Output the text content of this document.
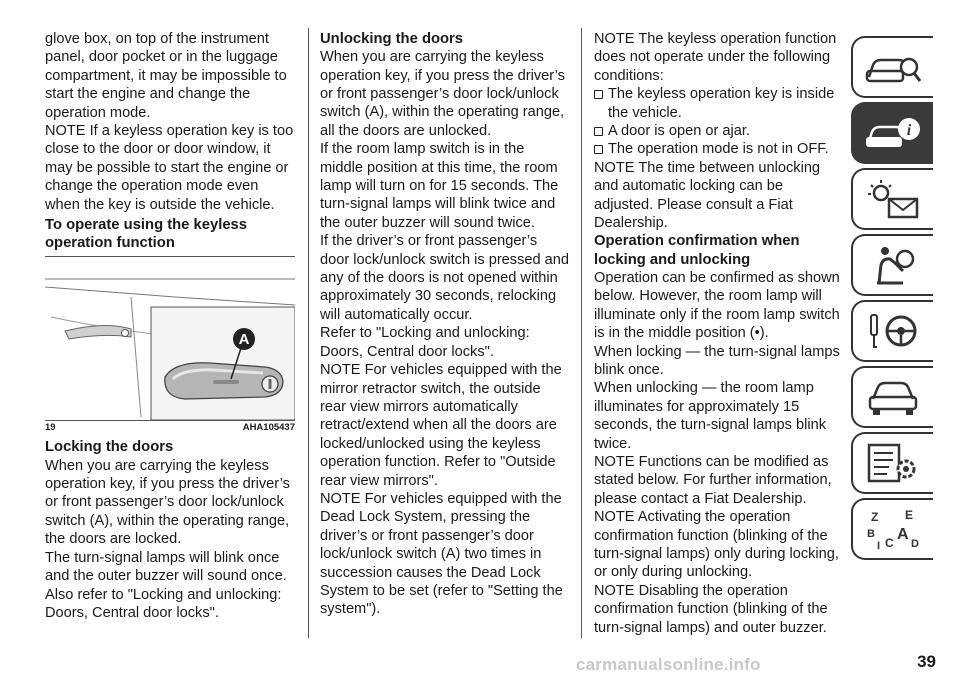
glove box, on top of the instrument panel, door pocket or in the luggage compartment, it may be impossible to start the engine and change the operation mode.

NOTE If a keyless operation key is too close to the door or door window, it may be possible to start the engine or change the operation mode even when the key is outside the vehicle.

To operate using the keyless operation function
A
19	AHA105437
Locking the doors

When you are carrying the keyless operation key, if you press the driver’s or front passenger’s door lock/unlock switch (A), within the operating range, the doors are locked.

The turn-signal lamps will blink once and the outer buzzer will sound once.

Also refer to "Locking and unlocking: Doors, Central door locks".

Unlocking the doors

When you are carrying the keyless operation key, if you press the driver’s or front passenger’s door lock/unlock switch (A), within the operating range, all the doors are unlocked.

If the room lamp switch is in the middle position at this time, the room lamp will turn on for 15 seconds. The turn-signal lamps will blink twice and the outer buzzer will sound twice.

If the driver’s or front passenger’s door lock/unlock switch is pressed and any of the doors is not opened within approximately 30 seconds, relocking will automatically occur.

Refer to "Locking and unlocking: Doors, Central door locks".

NOTE For vehicles equipped with the mirror retractor switch, the outside rear view mirrors automatically retract/extend when all the doors are locked/unlocked using the keyless operation function. Refer to "Outside rear view mirrors".

NOTE For vehicles equipped with the Dead Lock System, pressing the driver’s or front passenger’s door lock/unlock switch (A) two times in succession causes the Dead Lock System to be set (refer to "Setting the system").

NOTE The keyless operation function does not operate under the following conditions:

The keyless operation key is inside the vehicle.
A door is open or ajar.
The operation mode is not in OFF.

NOTE The time between unlocking and automatic locking can be adjusted. Please consult a Fiat Dealership.

Operation confirmation when locking and unlocking

Operation can be confirmed as shown below. However, the room lamp will illuminate only if the room lamp switch is in the middle position (•).

When locking — the turn-signal lamps blink once.

When unlocking — the room lamp illuminates for approximately 15 seconds, the turn-signal lamps blink twice.

NOTE Functions can be modified as stated below. For further information, please contact a Fiat Dealership.

NOTE Activating the operation confirmation function (blinking of the turn-signal lamps) only during locking, or only during unlocking.

NOTE Disabling the operation confirmation function (blinking of the turn-signal lamps) and outer buzzer.

i
Z E
B A
D
C
I
carmanualsonline.info	39
